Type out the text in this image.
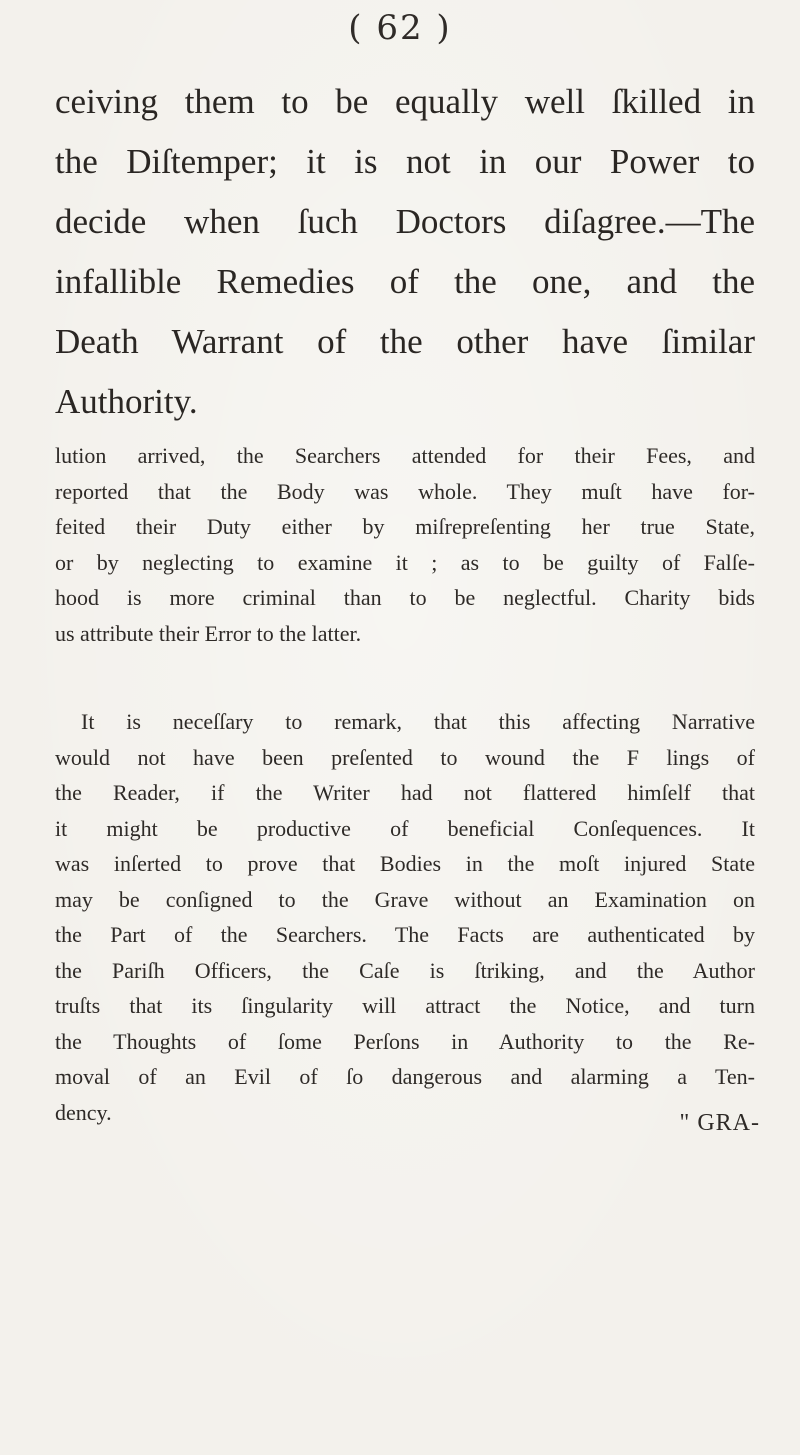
( 62 )
ceiving them to be equally well ſkilled in
the Diſtemper; it is not in our Power to
decide when ſuch Doctors diſagree.—The
infallible Remedies of the one, and the
Death Warrant of the other have ſimilar
Authority.
lution arrived, the Searchers attended for their Fees, and
reported that the Body was whole. They muſt have for-
feited their Duty either by miſrepreſenting her true State,
or by neglecting to examine it ; as to be guilty of Falſe-
hood is more criminal than to be neglectful. Charity bids
us attribute their Error to the latter.
It is neceſſary to remark, that this affecting Narrative
would not have been preſented to wound the F lings of
the Reader, if the Writer had not flattered himſelf that
it might be productive of beneficial Conſequences. It
was inſerted to prove that Bodies in the moſt injured State
may be conſigned to the Grave without an Examination on
the Part of the Searchers. The Facts are authenticated by
the Pariſh Officers, the Caſe is ſtriking, and the Author
truſts that its ſingularity will attract the Notice, and turn
the Thoughts of ſome Perſons in Authority to the Re-
moval of an Evil of ſo dangerous and alarming a Ten-
dency.	" GRA-
